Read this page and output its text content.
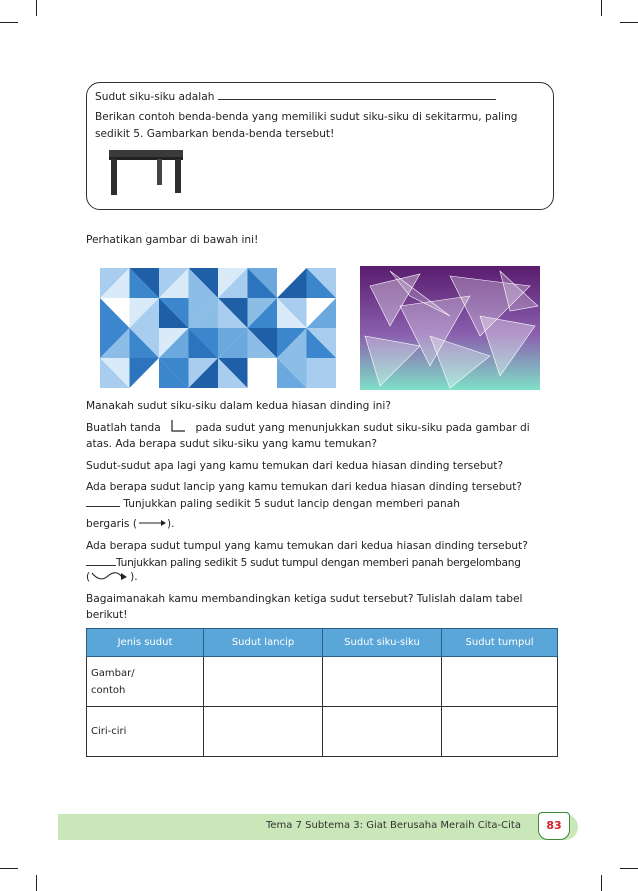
Sudut siku-siku adalah
Berikan contoh benda-benda yang memiliki sudut siku-siku di sekitarmu, paling
sedikit 5. Gambarkan benda-benda tersebut!

Perhatikan gambar di bawah ini!

Manakah sudut siku-siku dalam kedua hiasan dinding ini?

Buatlah tanda	pada sudut yang menunjukkan sudut siku-siku pada gambar di

atas. Ada berapa sudut siku-siku yang kamu temukan?

Sudut-sudut apa lagi yang kamu temukan dari kedua hiasan dinding tersebut?

Ada berapa sudut lancip yang kamu temukan dari kedua hiasan dinding tersebut?

Tunjukkan paling sedikit 5 sudut lancip dengan memberi panah

bergaris (	).

Ada berapa sudut tumpul yang kamu temukan dari kedua hiasan dinding tersebut?

Tunjukkan paling sedikit 5 sudut tumpul dengan memberi panah bergelombang

(	).

Bagaimanakah kamu membandingkan ketiga sudut tersebut? Tulislah dalam tabel

berikut!

Jenis sudut	Sudut lancip	Sudut siku-siku	Sudut tumpul
Gambar/
contoh			
Ciri-ciri			
Tema 7 Subtema 3: Giat Berusaha Meraih Cita-Cita	83
